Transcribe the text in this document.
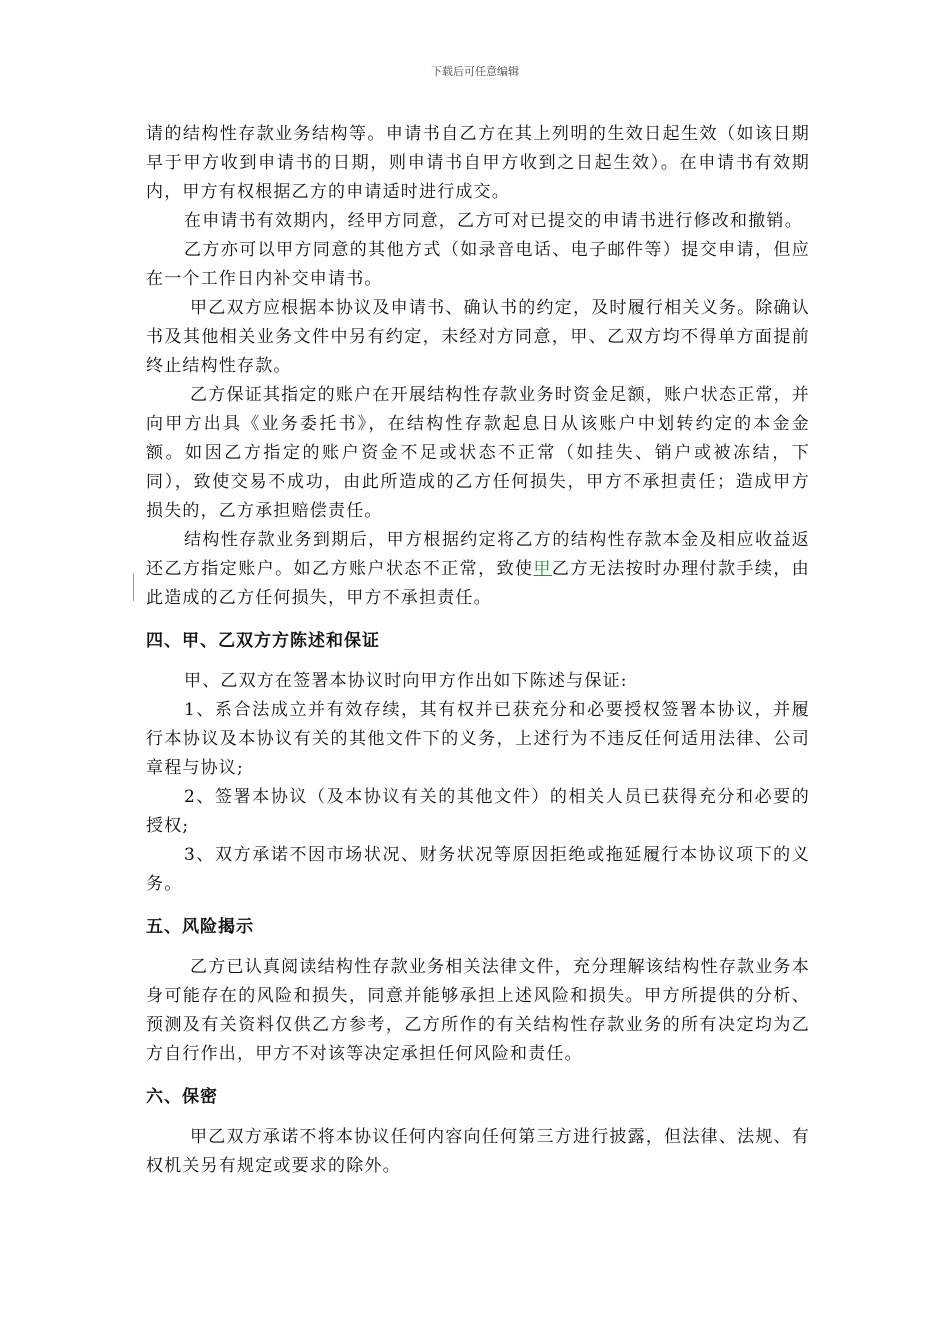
下载后可任意编辑

请的结构性存款业务结构等。申请书自乙方在其上列明的生效日起生效（如该日期早于甲方收到申请书的日期，则申请书自甲方收到之日起生效）。在申请书有效期内，甲方有权根据乙方的申请适时进行成交。

在申请书有效期内，经甲方同意，乙方可对已提交的申请书进行修改和撤销。

乙方亦可以甲方同意的其他方式（如录音电话、电子邮件等）提交申请，但应在一个工作日内补交申请书。

甲乙双方应根据本协议及申请书、确认书的约定，及时履行相关义务。除确认书及其他相关业务文件中另有约定，未经对方同意，甲、乙双方均不得单方面提前终止结构性存款。

乙方保证其指定的账户在开展结构性存款业务时资金足额，账户状态正常，并向甲方出具《业务委托书》，在结构性存款起息日从该账户中划转约定的本金金额。如因乙方指定的账户资金不足或状态不正常（如挂失、销户或被冻结，下同），致使交易不成功，由此所造成的乙方任何损失，甲方不承担责任；造成甲方损失的，乙方承担赔偿责任。

结构性存款业务到期后，甲方根据约定将乙方的结构性存款本金及相应收益返还乙方指定账户。如乙方账户状态不正常，致使甲乙方无法按时办理付款手续，由此造成的乙方任何损失，甲方不承担责任。

四、甲、乙双方方陈述和保证

甲、乙双方在签署本协议时向甲方作出如下陈述与保证:

1、系合法成立并有效存续，其有权并已获充分和必要授权签署本协议，并履行本协议及本协议有关的其他文件下的义务，上述行为不违反任何适用法律、公司章程与协议;

2、签署本协议（及本协议有关的其他文件）的相关人员已获得充分和必要的授权;

3、双方承诺不因市场状况、财务状况等原因拒绝或拖延履行本协议项下的义务。

五、风险揭示

乙方已认真阅读结构性存款业务相关法律文件，充分理解该结构性存款业务本身可能存在的风险和损失，同意并能够承担上述风险和损失。甲方所提供的分析、预测及有关资料仅供乙方参考，乙方所作的有关结构性存款业务的所有决定均为乙方自行作出，甲方不对该等决定承担任何风险和责任。

六、保密

甲乙双方承诺不将本协议任何内容向任何第三方进行披露，但法律、法规、有权机关另有规定或要求的除外。
